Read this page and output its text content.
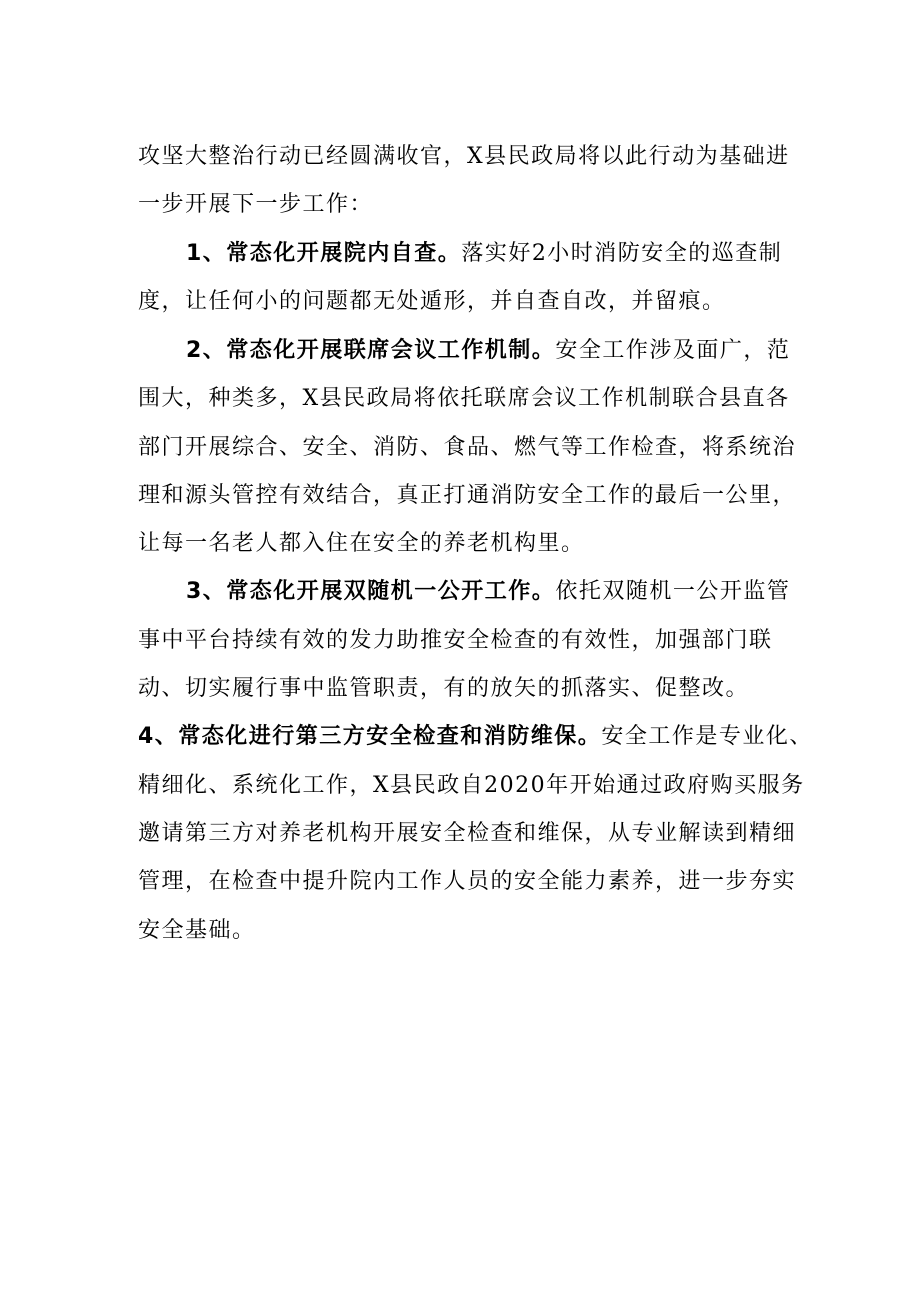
攻坚大整治行动已经圆满收官，X县民政局将以此行动为基础进
一步开展下一步工作：
1、常态化开展院内自查。落实好2小时消防安全的巡查制
度，让任何小的问题都无处遁形，并自查自改，并留痕。
2、常态化开展联席会议工作机制。安全工作涉及面广，范
围大，种类多，X县民政局将依托联席会议工作机制联合县直各
部门开展综合、安全、消防、食品、燃气等工作检查，将系统治
理和源头管控有效结合，真正打通消防安全工作的最后一公里，
让每一名老人都入住在安全的养老机构里。
3、常态化开展双随机一公开工作。依托双随机一公开监管
事中平台持续有效的发力助推安全检查的有效性，加强部门联
动、切实履行事中监管职责，有的放矢的抓落实、促整改。
4、常态化进行第三方安全检查和消防维保。安全工作是专业化、
精细化、系统化工作，X县民政自2020年开始通过政府购买服务
邀请第三方对养老机构开展安全检查和维保，从专业解读到精细
管理，在检查中提升院内工作人员的安全能力素养，进一步夯实
安全基础。
